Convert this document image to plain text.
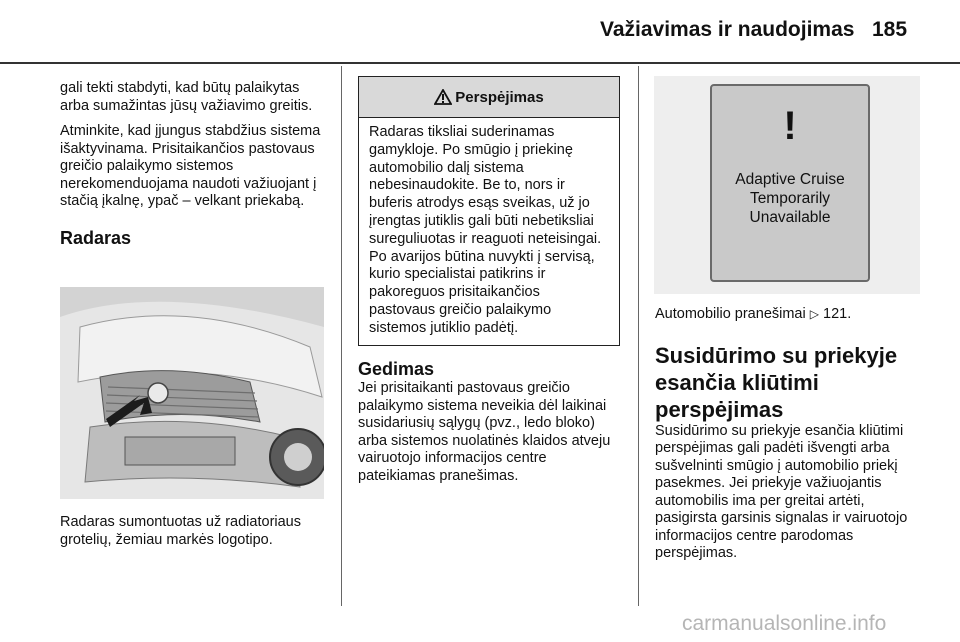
Važiavimas ir naudojimas 185

gali tekti stabdyti, kad būtų palaikytas arba sumažintas jūsų važiavimo greitis.

Atminkite, kad įjungus stabdžius sistema išaktyvinama. Prisitaikančios pastovaus greičio palaikymo sistemos nerekomenduojama naudoti važiuojant į stačią įkalnę, ypač – velkant priekabą.

Radaras

Radaras sumontuotas už radiatoriaus grotelių, žemiau markės logotipo.

Perspėjimas
Radaras tiksliai suderinamas gamykloje. Po smūgio į priekinę automobilio dalį sistema nebesinaudokite. Be to, nors ir buferis atrodys esąs sveikas, už jo įrengtas jutiklis gali būti nebetiksliai sureguliuotas ir reaguoti neteisingai. Po avarijos būtina nuvykti į servisą, kurio specialistai patikrins ir pakoreguos prisitaikančios pastovaus greičio palaikymo sistemos jutiklio padėtį.
Gedimas

Jei prisitaikanti pastovaus greičio palaikymo sistema neveikia dėl laikinai susidariusių sąlygų (pvz., ledo bloko) arba sistemos nuolatinės klaidos atveju vairuotojo informacijos centre pateikiamas pranešimas.

!
Adaptive Cruise
Temporarily
Unavailable

Automobilio pranešimai ▷ 121.

Susidūrimo su priekyje
esančia kliūtimi
perspėjimas

Susidūrimo su priekyje esančia kliūtimi perspėjimas gali padėti išvengti arba sušvelninti smūgio į automobilio priekį pasekmes. Jei priekyje važiuojantis automobilis ima per greitai artėti, pasigirsta garsinis signalas ir vairuotojo informacijos centre parodomas perspėjimas.

carmanualsonline.info
